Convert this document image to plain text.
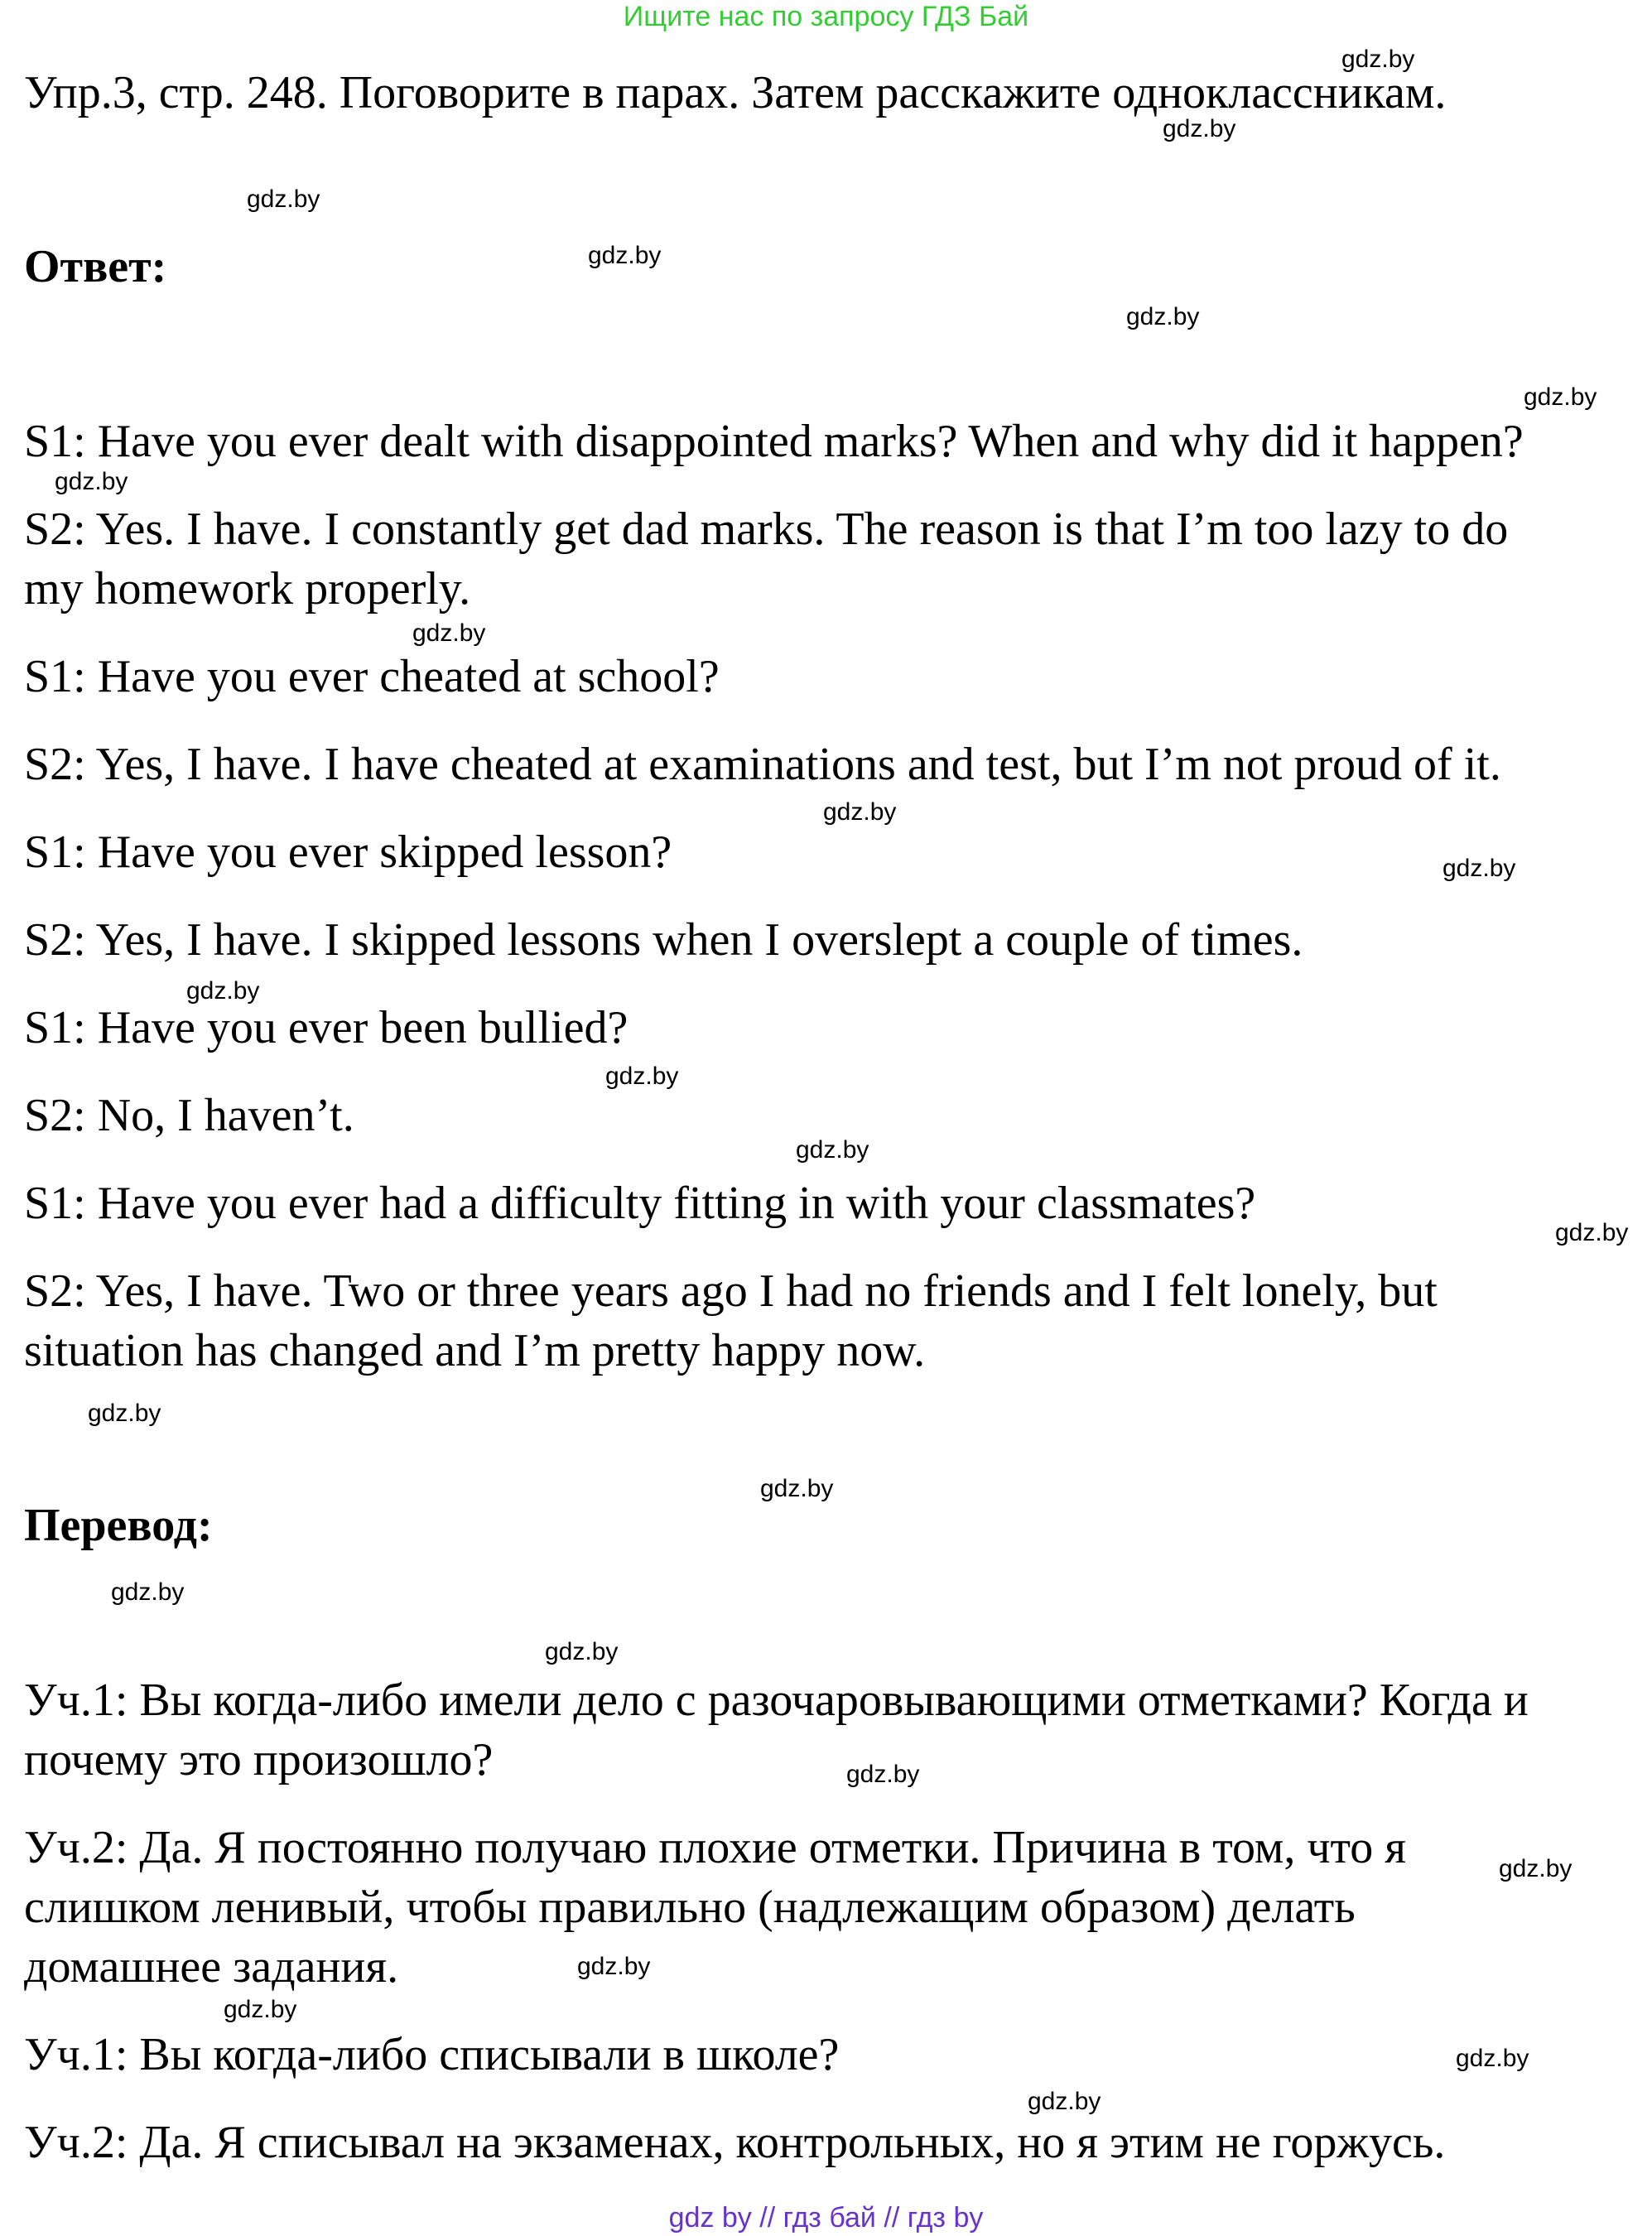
Ищите нас по запросу ГДЗ Бай
Упр.3, стр. 248. Поговорите в парах. Затем расскажите одноклассникам.
Ответ:
S1: Have you ever dealt with disappointed marks? When and why did it happen?
S2: Yes. I have. I constantly get dad marks. The reason is that I’m too lazy to do
my homework properly.
S1: Have you ever cheated at school?
S2: Yes, I have. I have cheated at examinations and test, but I’m not proud of it.
S1: Have you ever skipped lesson?
S2: Yes, I have. I skipped lessons when I overslept a couple of times.
S1: Have you ever been bullied?
S2: No, I haven’t.
S1: Have you ever had a difficulty fitting in with your classmates?
S2: Yes, I have. Two or three years ago I had no friends and I felt lonely, but
situation has changed and I’m pretty happy now.
Перевод:
Уч.1: Вы когда-либо имели дело с разочаровывающими отметками? Когда и
почему это произошло?
Уч.2: Да. Я постоянно получаю плохие отметки. Причина в том, что я
слишком ленивый, чтобы правильно (надлежащим образом) делать
домашнее задания.
Уч.1: Вы когда-либо списывали в школе?
Уч.2: Да. Я списывал на экзаменах, контрольных, но я этим не горжусь.
gdz.by
gdz.by
gdz.by
gdz.by
gdz.by
gdz.by
gdz.by
gdz.by
gdz.by
gdz.by
gdz.by
gdz.by
gdz.by
gdz.by
gdz.by
gdz.by
gdz.by
gdz.by
gdz.by
gdz.by
gdz.by
gdz.by
gdz.by
gdz.by
gdz by // гдз бай // гдз by
